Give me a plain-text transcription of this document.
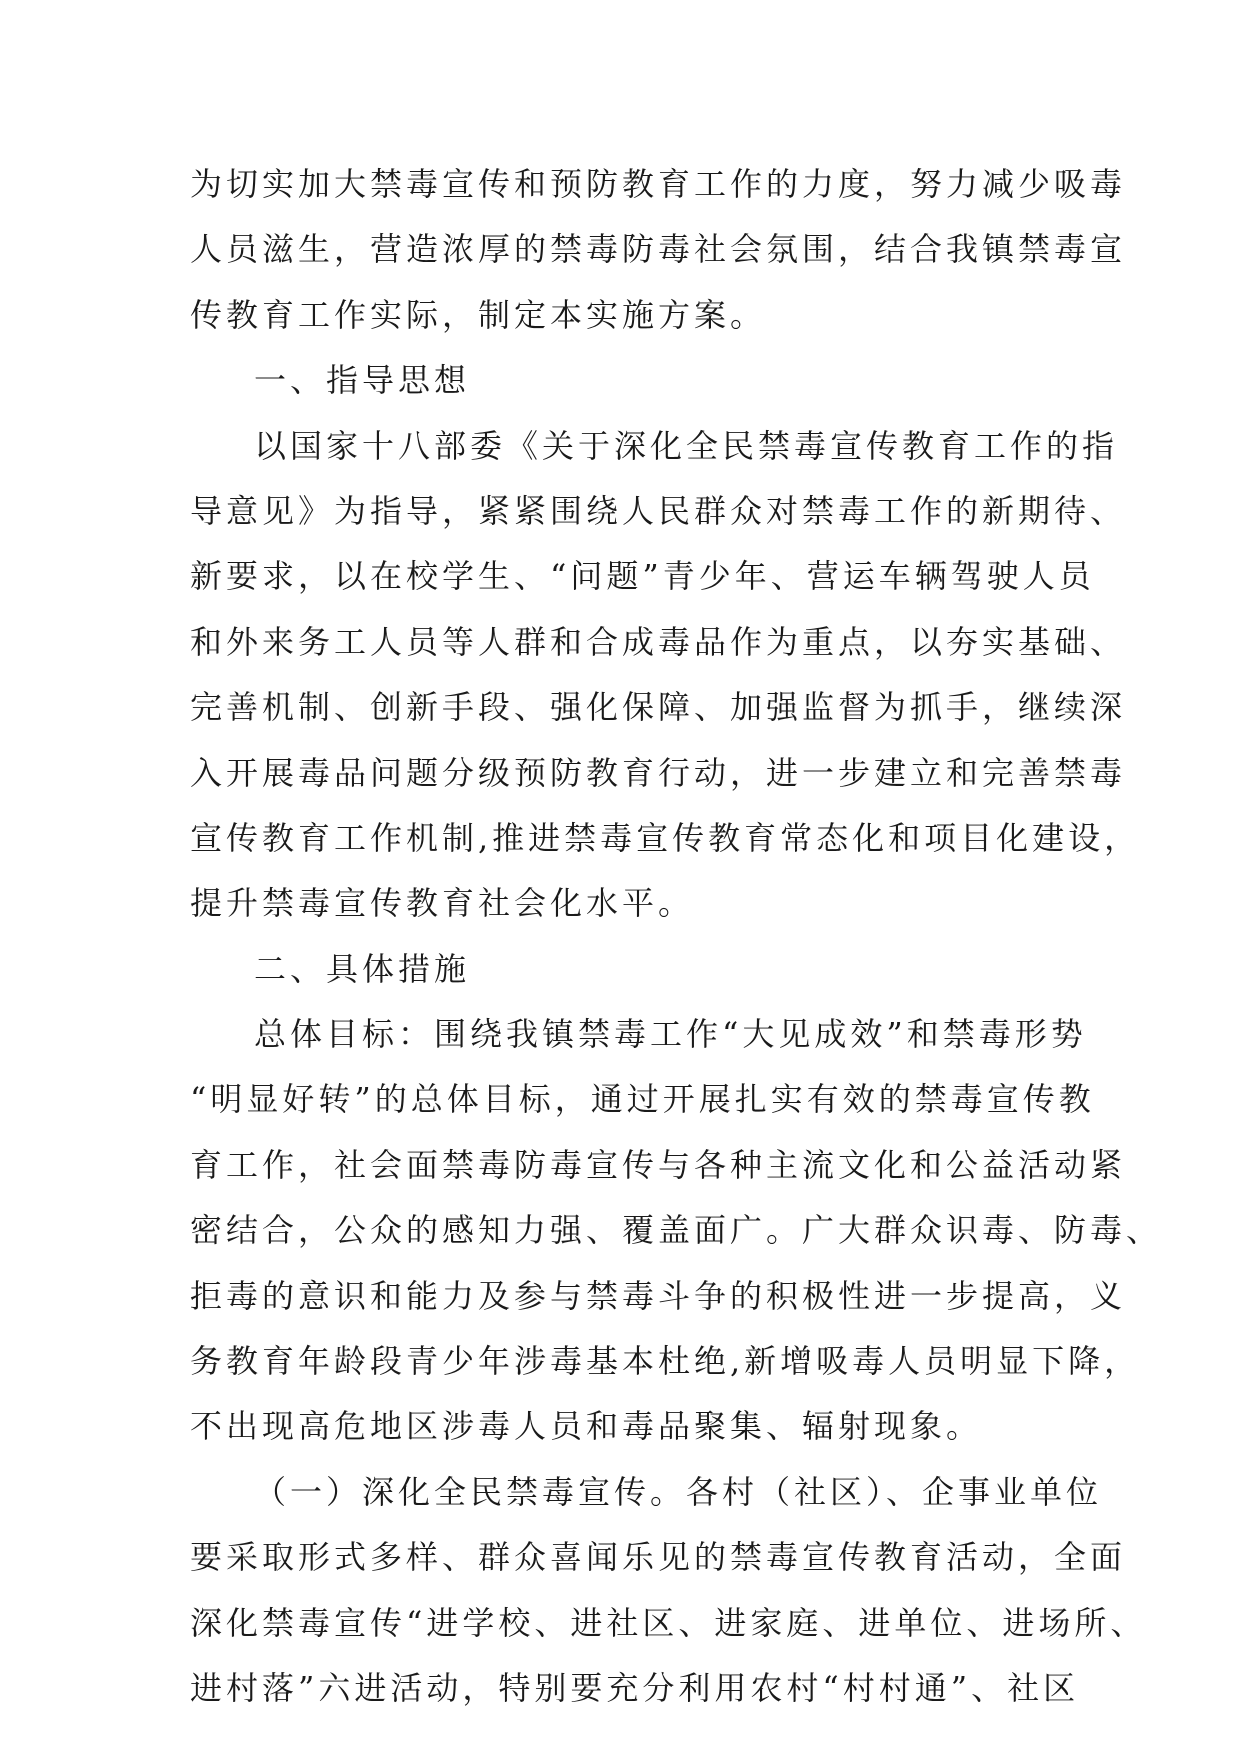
为切实加大禁毒宣传和预防教育工作的力度，努力减少吸毒
人员滋生，营造浓厚的禁毒防毒社会氛围，结合我镇禁毒宣
传教育工作实际，制定本实施方案。
一、指导思想
以国家十八部委《关于深化全民禁毒宣传教育工作的指
导意见》为指导，紧紧围绕人民群众对禁毒工作的新期待、
新要求，以在校学生、“问题”青少年、营运车辆驾驶人员
和外来务工人员等人群和合成毒品作为重点，以夯实基础、
完善机制、创新手段、强化保障、加强监督为抓手，继续深
入开展毒品问题分级预防教育行动，进一步建立和完善禁毒
宣传教育工作机制,推进禁毒宣传教育常态化和项目化建设，
提升禁毒宣传教育社会化水平。
二、具体措施
总体目标：围绕我镇禁毒工作“大见成效”和禁毒形势
“明显好转”的总体目标，通过开展扎实有效的禁毒宣传教
育工作，社会面禁毒防毒宣传与各种主流文化和公益活动紧
密结合，公众的感知力强、覆盖面广。广大群众识毒、防毒、
拒毒的意识和能力及参与禁毒斗争的积极性进一步提高，义
务教育年龄段青少年涉毒基本杜绝,新增吸毒人员明显下降，
不出现高危地区涉毒人员和毒品聚集、辐射现象。
（一）深化全民禁毒宣传。各村（社区）、企事业单位
要采取形式多样、群众喜闻乐见的禁毒宣传教育活动，全面
深化禁毒宣传“进学校、进社区、进家庭、进单位、进场所、
进村落”六进活动，特别要充分利用农村“村村通”、社区
